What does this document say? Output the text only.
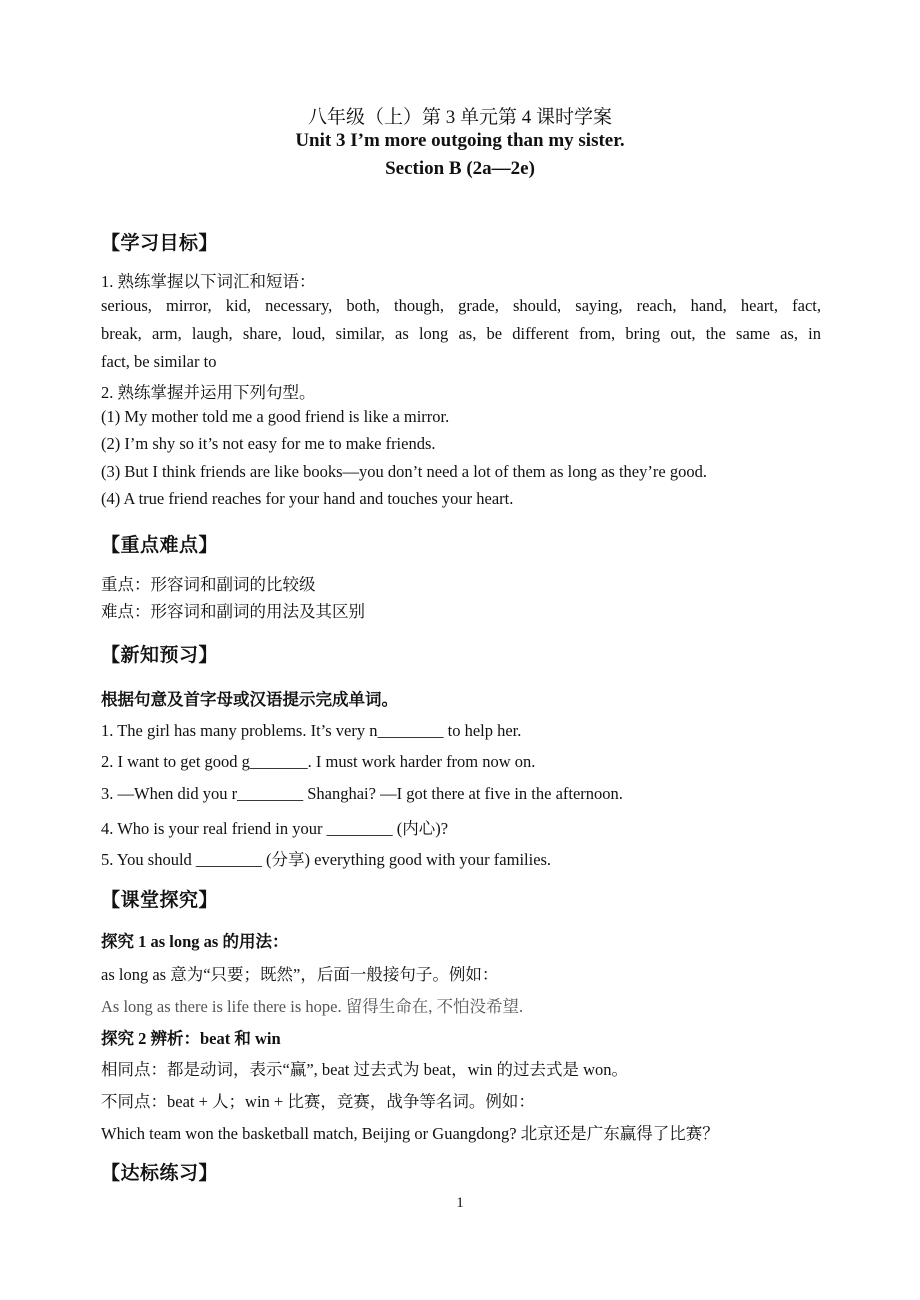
八年级（上）第 3 单元第 4 课时学案
Unit 3 I’m more outgoing than my sister.
Section B (2a—2e)
【学习目标】
1. 熟练掌握以下词汇和短语：
serious, mirror, kid, necessary, both, though, grade, should, saying, reach, hand, heart, fact,
break, arm, laugh, share, loud, similar, as long as, be different from, bring out, the same as, in
fact, be similar to
2. 熟练掌握并运用下列句型。
(1) My mother told me a good friend is like a mirror.
(2) I’m shy so it’s not easy for me to make friends.
(3) But I think friends are like books—you don’t need a lot of them as long as they’re good.
(4) A true friend reaches for your hand and touches your heart.
【重点难点】
重点：形容词和副词的比较级
难点：形容词和副词的用法及其区别
【新知预习】
根据句意及首字母或汉语提示完成单词。
1. The girl has many problems. It’s very n________ to help her.
2. I want to get good g_______. I must work harder from now on.
3. —When did you r________ Shanghai? —I got there at five in the afternoon.
4. Who is your real friend in your ________ (内心)?
5. You should ________ (分享) everything good with your families.
【课堂探究】
探究 1 as long as 的用法：
as long as 意为“只要；既然”，后面一般接句子。例如：
As long as there is life there is hope. 留得生命在, 不怕没希望.
探究 2 辨析：beat 和 win
相同点：都是动词，表示“赢”, beat 过去式为 beat，win 的过去式是 won。
不同点：beat + 人；win + 比赛，竞赛，战争等名词。例如：
Which team won the basketball match, Beijing or Guangdong? 北京还是广东赢得了比赛？
【达标练习】
1
